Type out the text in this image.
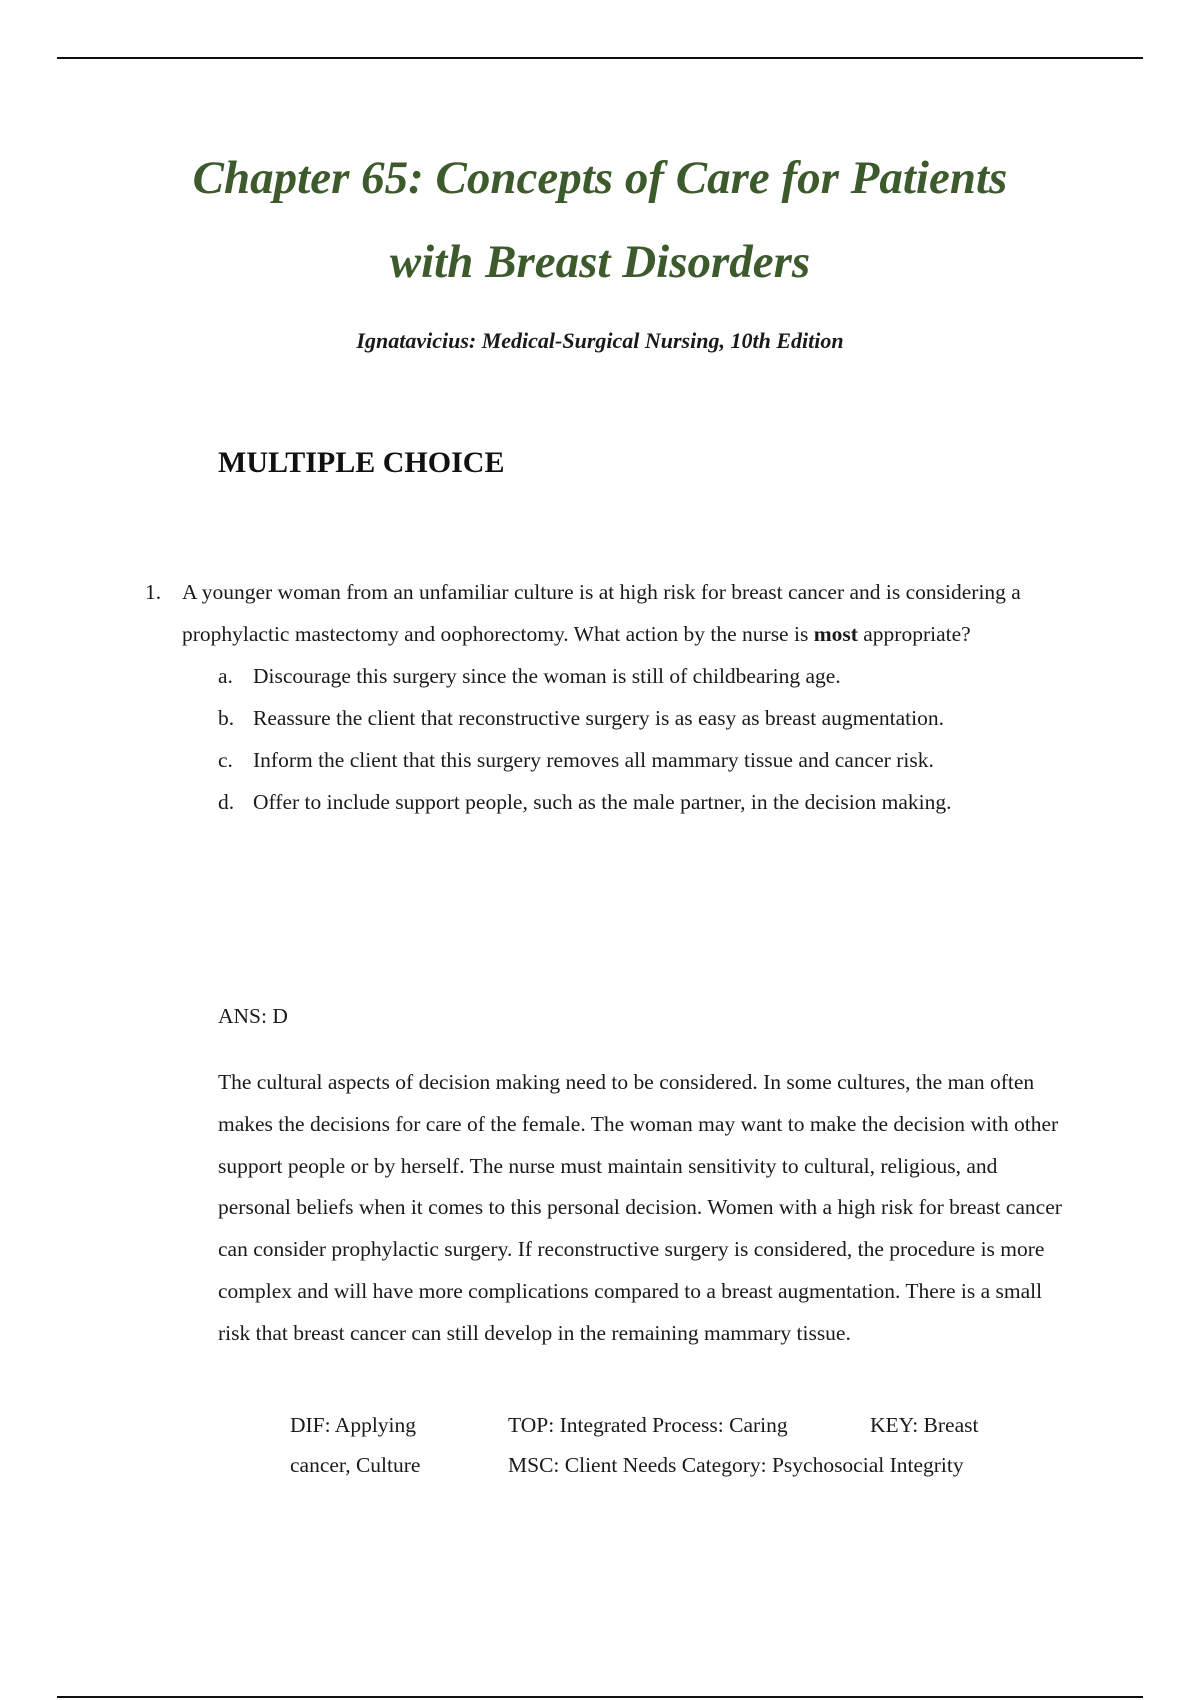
Chapter 65: Concepts of Care for Patients
with Breast Disorders
Ignatavicius: Medical-Surgical Nursing, 10th Edition
MULTIPLE CHOICE
1. A younger woman from an unfamiliar culture is at high risk for breast cancer and is considering a prophylactic mastectomy and oophorectomy. What action by the nurse is most appropriate?
a. Discourage this surgery since the woman is still of childbearing age.
b. Reassure the client that reconstructive surgery is as easy as breast augmentation.
c. Inform the client that this surgery removes all mammary tissue and cancer risk.
d. Offer to include support people, such as the male partner, in the decision making.
ANS: D
The cultural aspects of decision making need to be considered. In some cultures, the man often makes the decisions for care of the female. The woman may want to make the decision with other support people or by herself. The nurse must maintain sensitivity to cultural, religious, and personal beliefs when it comes to this personal decision. Women with a high risk for breast cancer can consider prophylactic surgery. If reconstructive surgery is considered, the procedure is more complex and will have more complications compared to a breast augmentation. There is a small risk that breast cancer can still develop in the remaining mammary tissue.
DIF: Applying	TOP: Integrated Process: Caring	KEY: Breast
cancer, Culture	MSC: Client Needs Category: Psychosocial Integrity	
